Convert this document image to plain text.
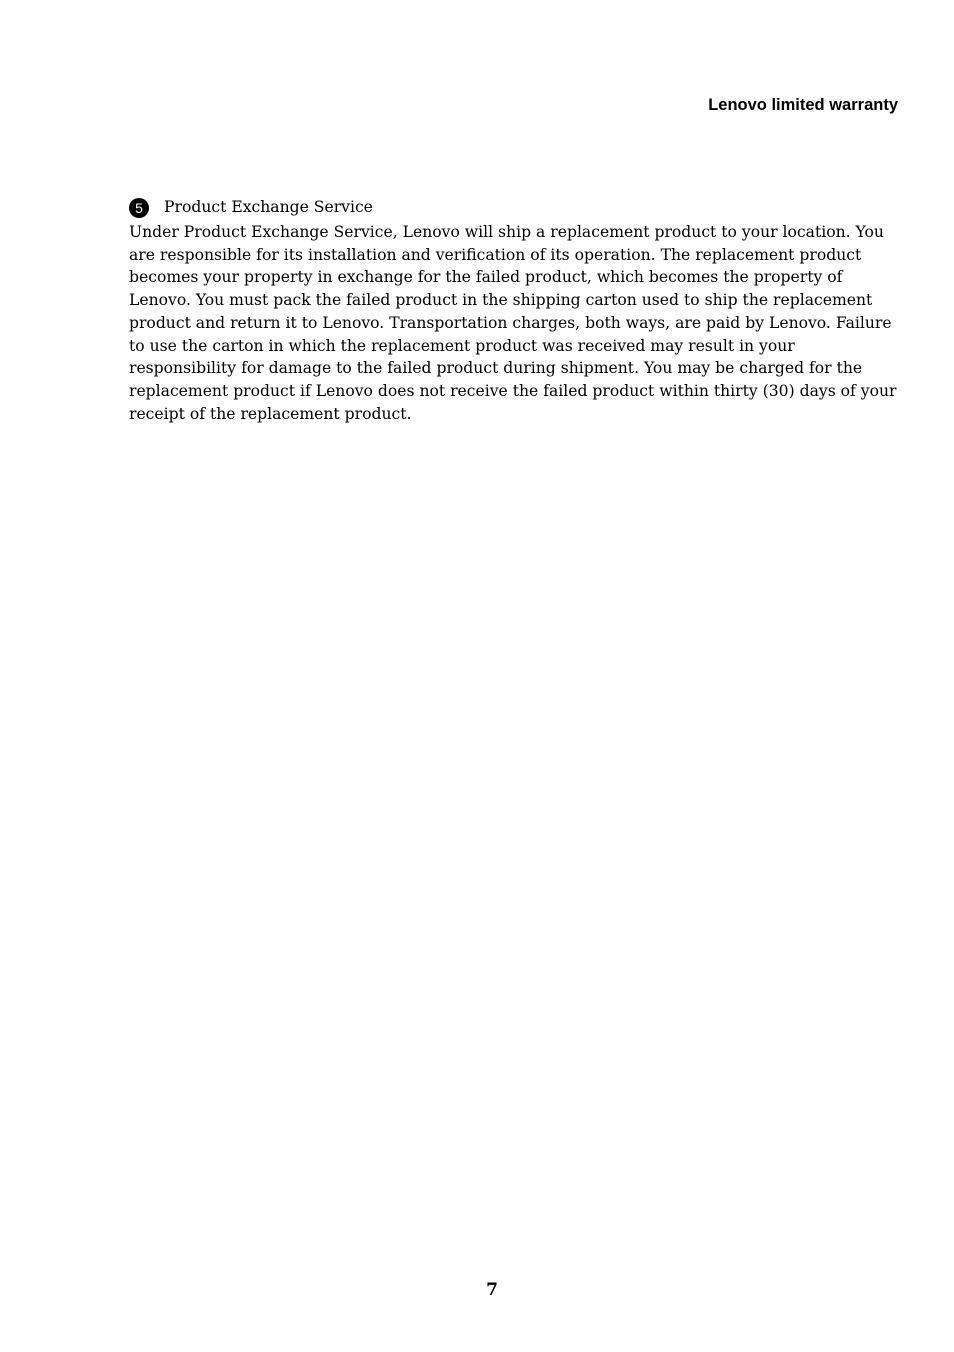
Lenovo limited warranty
5	Product Exchange Service

Under Product Exchange Service, Lenovo will ship a replacement product to your location. You are responsible for its installation and verification of its operation. The replacement product becomes your property in exchange for the failed product, which becomes the property of Lenovo. You must pack the failed product in the shipping carton used to ship the replacement product and return it to Lenovo. Transportation charges, both ways, are paid by Lenovo. Failure to use the carton in which the replacement product was received may result in your responsibility for damage to the failed product during shipment. You may be charged for the replacement product if Lenovo does not receive the failed product within thirty (30) days of your receipt of the replacement product.

7
